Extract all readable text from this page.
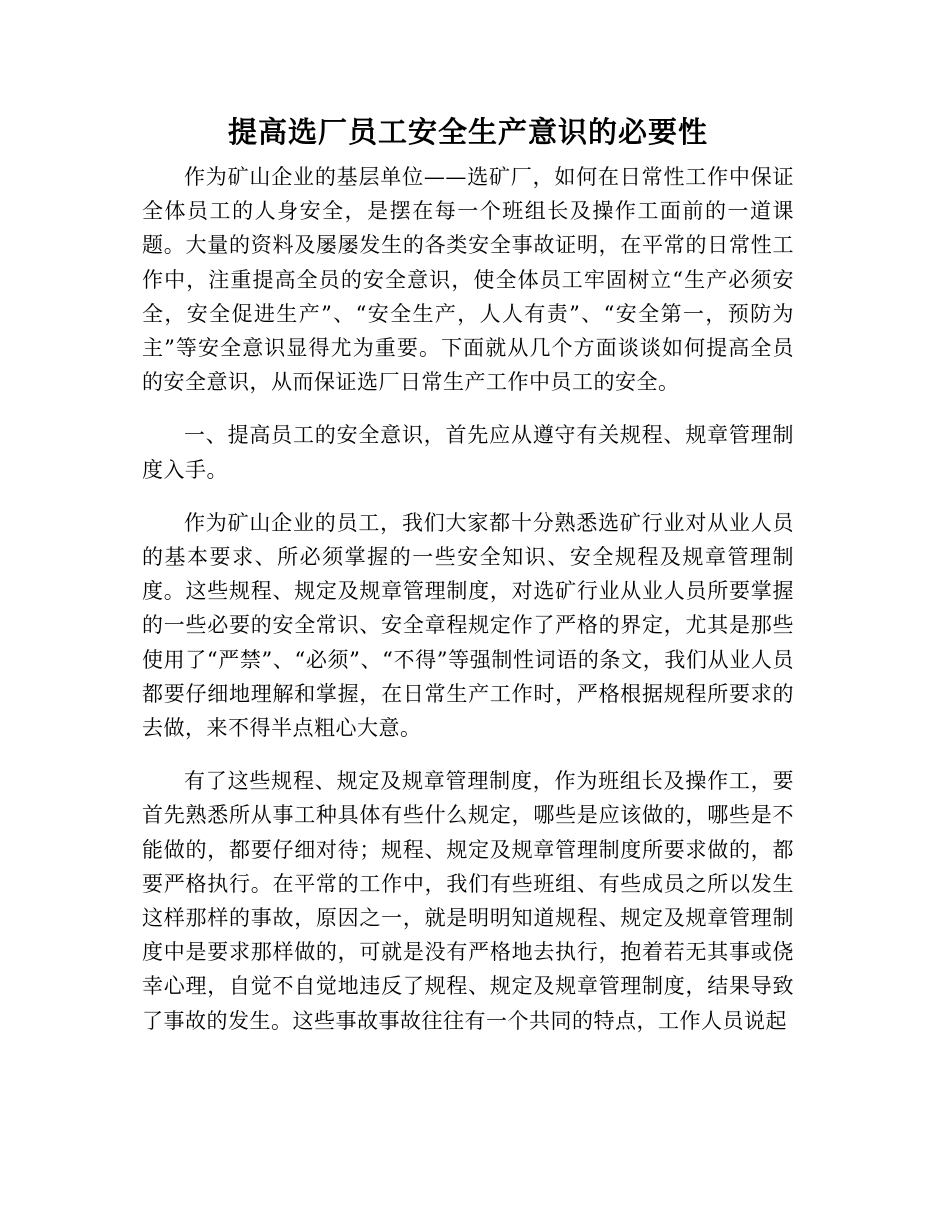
提高选厂员工安全生产意识的必要性

作为矿山企业的基层单位——选矿厂，如何在日常性工作中保证全体员工的人身安全，是摆在每一个班组长及操作工面前的一道课题。大量的资料及屡屡发生的各类安全事故证明，在平常的日常性工作中，注重提高全员的安全意识，使全体员工牢固树立“生产必须安全，安全促进生产”、“安全生产，人人有责”、“安全第一，预防为主”等安全意识显得尤为重要。下面就从几个方面谈谈如何提高全员的安全意识，从而保证选厂日常生产工作中员工的安全。

一、提高员工的安全意识，首先应从遵守有关规程、规章管理制度入手。

作为矿山企业的员工，我们大家都十分熟悉选矿行业对从业人员的基本要求、所必须掌握的一些安全知识、安全规程及规章管理制度。这些规程、规定及规章管理制度，对选矿行业从业人员所要掌握的一些必要的安全常识、安全章程规定作了严格的界定，尤其是那些使用了“严禁”、“必须”、“不得”等强制性词语的条文，我们从业人员都要仔细地理解和掌握，在日常生产工作时，严格根据规程所要求的去做，来不得半点粗心大意。

有了这些规程、规定及规章管理制度，作为班组长及操作工，要首先熟悉所从事工种具体有些什么规定，哪些是应该做的，哪些是不能做的，都要仔细对待；规程、规定及规章管理制度所要求做的，都要严格执行。在平常的工作中，我们有些班组、有些成员之所以发生这样那样的事故，原因之一，就是明明知道规程、规定及规章管理制度中是要求那样做的，可就是没有严格地去执行，抱着若无其事或侥幸心理，自觉不自觉地违反了规程、规定及规章管理制度，结果导致了事故的发生。这些事故事故往往有一个共同的特点，工作人员说起
